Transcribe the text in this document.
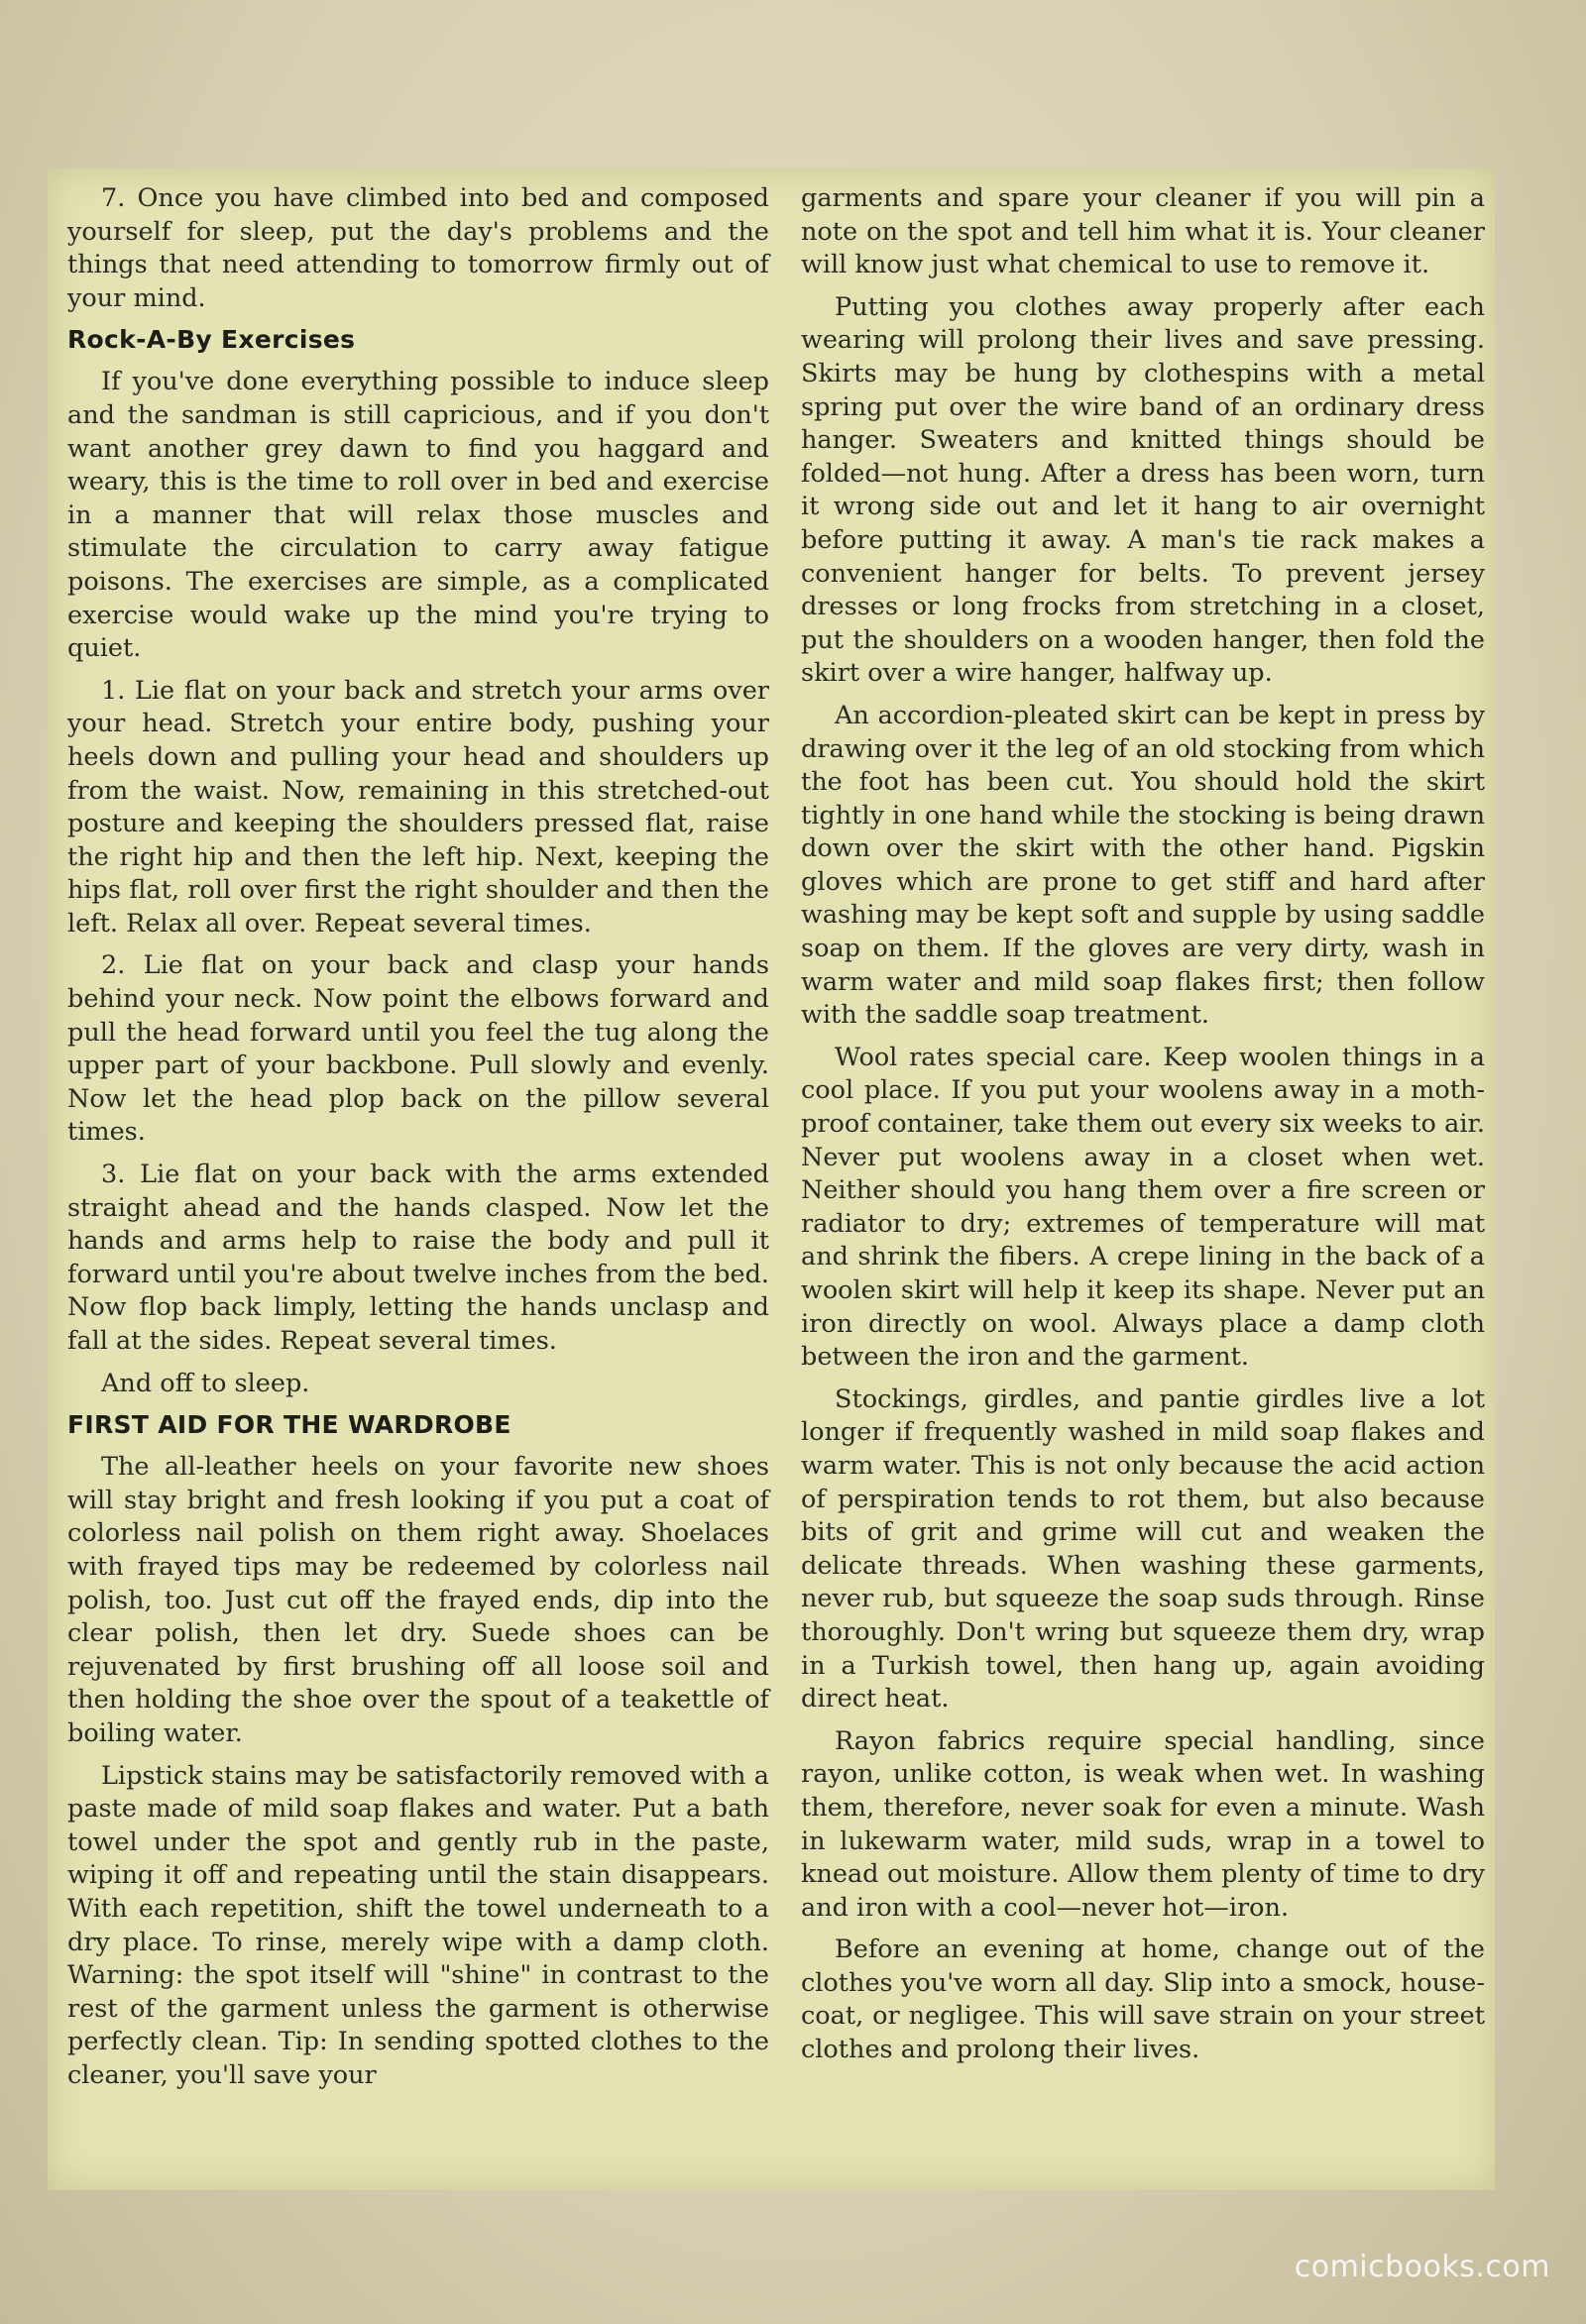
7. Once you have climbed into bed and composed yourself for sleep, put the day's problems and the things that need attending to tomorrow firmly out of your mind.

Rock-A-By Exercises

If you've done everything possible to induce sleep and the sandman is still capricious, and if you don't want another grey dawn to find you haggard and weary, this is the time to roll over in bed and exercise in a manner that will relax those muscles and stimulate the circulation to carry away fatigue poisons. The exercises are simple, as a complicated exercise would wake up the mind you're trying to quiet.

1. Lie flat on your back and stretch your arms over your head. Stretch your entire body, pushing your heels down and pulling your head and shoulders up from the waist. Now, remaining in this stretched-out posture and keeping the shoulders pressed flat, raise the right hip and then the left hip. Next, keeping the hips flat, roll over first the right shoulder and then the left. Relax all over. Repeat several times.

2. Lie flat on your back and clasp your hands behind your neck. Now point the elbows forward and pull the head forward until you feel the tug along the upper part of your backbone. Pull slowly and evenly. Now let the head plop back on the pillow several times.

3. Lie flat on your back with the arms extended straight ahead and the hands clasped. Now let the hands and arms help to raise the body and pull it forward until you're about twelve inches from the bed. Now flop back limply, letting the hands unclasp and fall at the sides. Repeat several times.

And off to sleep.

FIRST AID FOR THE WARDROBE

The all-leather heels on your favorite new shoes will stay bright and fresh looking if you put a coat of colorless nail polish on them right away. Shoelaces with frayed tips may be redeemed by colorless nail polish, too. Just cut off the frayed ends, dip into the clear polish, then let dry. Suede shoes can be rejuvenated by first brushing off all loose soil and then holding the shoe over the spout of a teakettle of boiling water.

Lipstick stains may be satisfactorily removed with a paste made of mild soap flakes and water. Put a bath towel under the spot and gently rub in the paste, wiping it off and repeating until the stain disappears. With each repetition, shift the towel underneath to a dry place. To rinse, merely wipe with a damp cloth. Warning: the spot itself will "shine" in contrast to the rest of the garment unless the garment is otherwise perfectly clean. Tip: In sending spotted clothes to the cleaner, you'll save your

garments and spare your cleaner if you will pin a note on the spot and tell him what it is. Your cleaner will know just what chemical to use to remove it.

Putting you clothes away properly after each wearing will prolong their lives and save pressing. Skirts may be hung by clothespins with a metal spring put over the wire band of an ordinary dress hanger. Sweaters and knitted things should be folded—not hung. After a dress has been worn, turn it wrong side out and let it hang to air overnight before putting it away. A man's tie rack makes a convenient hanger for belts. To prevent jersey dresses or long frocks from stretching in a closet, put the shoulders on a wooden hanger, then fold the skirt over a wire hanger, halfway up.

An accordion-pleated skirt can be kept in press by drawing over it the leg of an old stocking from which the foot has been cut. You should hold the skirt tightly in one hand while the stocking is being drawn down over the skirt with the other hand. Pigskin gloves which are prone to get stiff and hard after washing may be kept soft and supple by using saddle soap on them. If the gloves are very dirty, wash in warm water and mild soap flakes first; then follow with the saddle soap treatment.

Wool rates special care. Keep woolen things in a cool place. If you put your woolens away in a moth-proof container, take them out every six weeks to air. Never put woolens away in a closet when wet. Neither should you hang them over a fire screen or radiator to dry; extremes of temperature will mat and shrink the fibers. A crepe lining in the back of a woolen skirt will help it keep its shape. Never put an iron directly on wool. Always place a damp cloth between the iron and the garment.

Stockings, girdles, and pantie girdles live a lot longer if frequently washed in mild soap flakes and warm water. This is not only because the acid action of perspiration tends to rot them, but also because bits of grit and grime will cut and weaken the delicate threads. When washing these garments, never rub, but squeeze the soap suds through. Rinse thoroughly. Don't wring but squeeze them dry, wrap in a Turkish towel, then hang up, again avoiding direct heat.

Rayon fabrics require special handling, since rayon, unlike cotton, is weak when wet. In washing them, therefore, never soak for even a minute. Wash in lukewarm water, mild suds, wrap in a towel to knead out moisture. Allow them plenty of time to dry and iron with a cool—never hot—iron.

Before an evening at home, change out of the clothes you've worn all day. Slip into a smock, house-coat, or negligee. This will save strain on your street clothes and prolong their lives.

comicbooks.com
